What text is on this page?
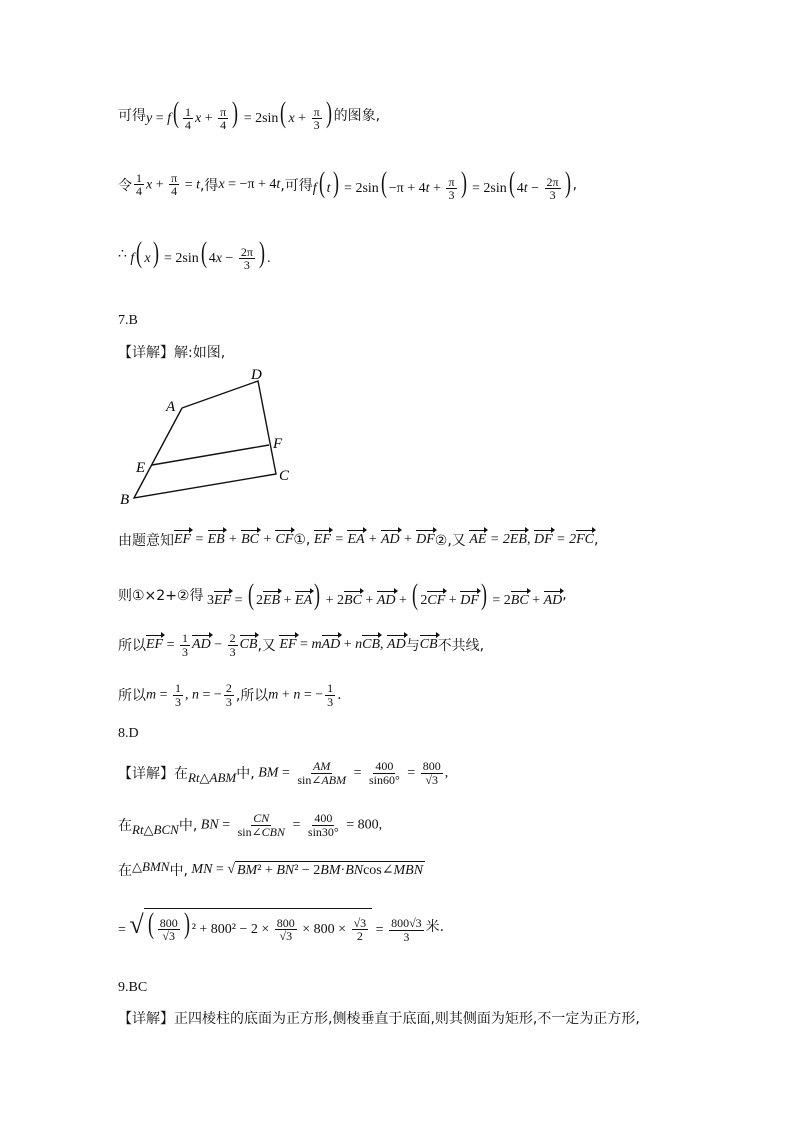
可得 $y = f( \frac{1}{4}$ $x + \frac{\pi}{4}$ ) = 2sin( $x + \frac{\pi}{3}$ ) 的图象,
令 $\frac{1}{4}$ $x + \frac{\pi}{4} = t$ ,得 x = −π + 4t ,可得 f( $t) = 2\sin( -\pi + 4t + \frac{\pi}{3}$ ) = 2sin( $4t - \frac{2\pi}{3}$ ) ,
∴ f( x) = 2sin( $4x - \frac{2\pi}{3}$ ) .
7.B
【详解】解:如图,
A
D
F
E	C
B
由题意知 EF = EB + BC + CF ①, EF = EA + AD + DF ②,又 AE = 2EB, DF = 2FC ,
则①×2+②得 3EF = ( 2EB + EA) + 2BC + AD + ( 2CF + DF) = 2BC + AD ,
所以 EF = $\frac{1}{3}$ AD − $\frac{2}{3}$ CB ,又 EF = mAD + nCB, AD 与 CB 不共线,
所以 $m = \frac{1}{3}$ , n = − $\frac{2}{3}$ ,所以 m + n = − $\frac{1}{3}$ .
8.D
【详解】在 Rt△ABM 中, BM = $\frac{AM}{\text{sin∠ABM}} = \frac{400}{\sin 60^\circ} = \frac{800}{√3}$ ,
在 Rt△BCN 中, BN = $\frac{CN}{\text{sin∠CBN}} = \frac{400}{\sin 30^\circ} = 800$,
在 △BMN 中, MN = √ BM² + BN² − 2BM·BNcos∠MBN
= √ ( $\frac{800}{√3}$ ) $^2 + 800^2 - 2 \times \frac{800}{√3} \times 800 \times \frac{√3}{2} = \frac{800√3}{3}$ 米.
9.BC
【详解】正四棱柱的底面为正方形,侧棱垂直于底面,则其侧面为矩形,不一定为正方形,
